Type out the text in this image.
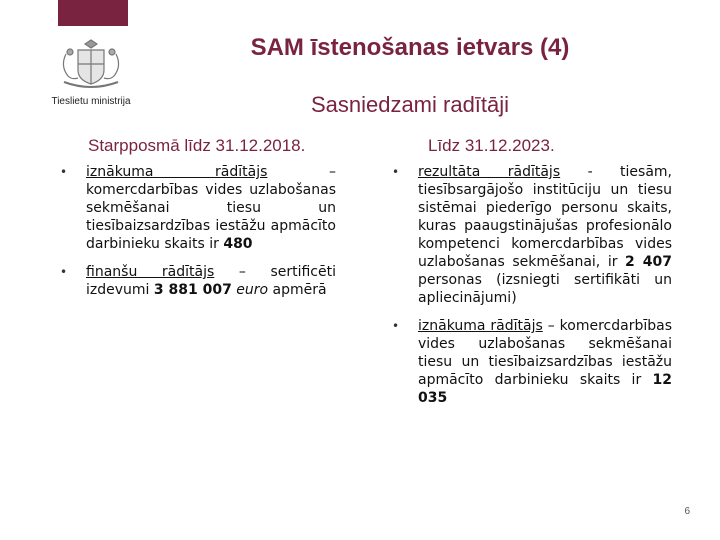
Tieslietu ministrija
SAM īstenošanas ietvars (4)
Sasniedzami radītāji
Starpposmā līdz 31.12.2018.	Līdz 31.12.2023.
• iznākuma rādītājs – komercdarbības vides uzlabošanas sekmēšanai tiesu un tiesībaizsardzības iestāžu apmācīto darbinieku skaits ir 480
• finanšu rādītājs – sertificēti izdevumi 3 881 007 euro apmērā
• rezultāta rādītājs - tiesām, tiesībsargājošo institūciju un tiesu sistēmai piederīgo personu skaits, kuras paaugstinājušas profesionālo kompetenci komercdarbības vides uzlabošanas sekmēšanai, ir 2 407 personas (izsniegti sertifikāti un apliecinājumi)
• iznākuma rādītājs – komercdarbības vides uzlabošanas sekmēšanai tiesu un tiesībaizsardzības iestāžu apmācīto darbinieku skaits ir 12 035
6
